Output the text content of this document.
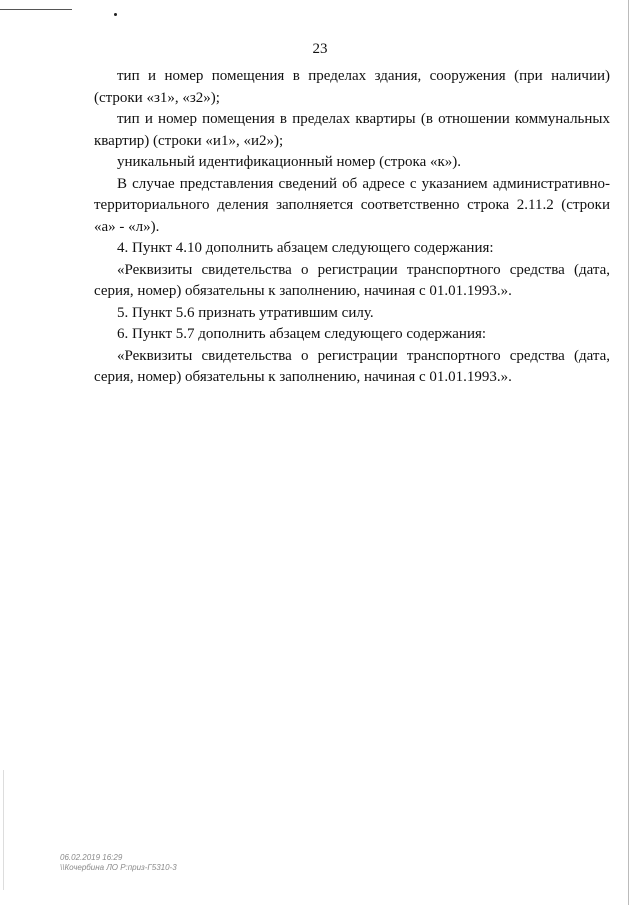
23

тип и номер помещения в пределах здания, сооружения (при наличии) (строки «з1», «з2»);

тип и номер помещения в пределах квартиры (в отношении коммунальных квартир) (строки «и1», «и2»);

уникальный идентификационный номер (строка «к»).

В случае представления сведений об адресе с указанием административно-территориального деления заполняется соответственно строка 2.11.2 (строки «а» - «л»).

4. Пункт 4.10 дополнить абзацем следующего содержания:

«Реквизиты свидетельства о регистрации транспортного средства (дата, серия, номер) обязательны к заполнению, начиная с 01.01.1993.».

5. Пункт 5.6 признать утратившим силу.

6. Пункт 5.7 дополнить абзацем следующего содержания:

«Реквизиты свидетельства о регистрации транспортного средства (дата, серия, номер) обязательны к заполнению, начиная с 01.01.1993.».

06.02.2019 16:29
\\Кочербина ЛО Р:приз-Г5310-3
